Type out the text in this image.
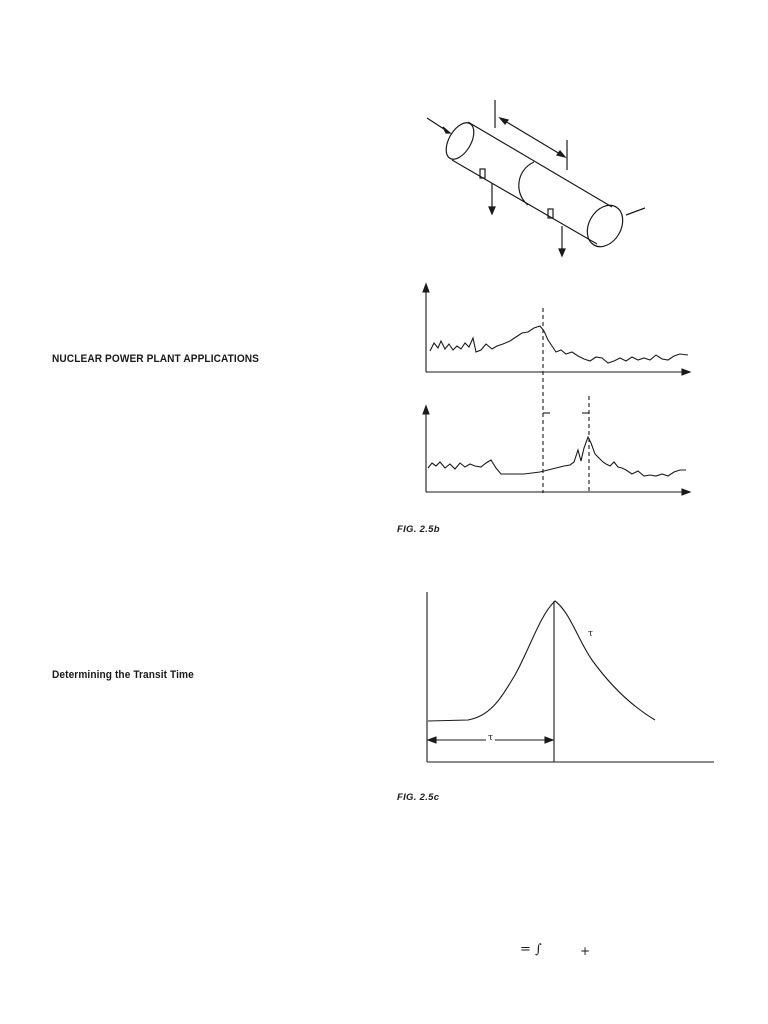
NUCLEAR POWER PLANT APPLICATIONS
Determining the Transit Time
FIG. 2.5b
τ
τ
FIG. 2.5c
= ∫	+
